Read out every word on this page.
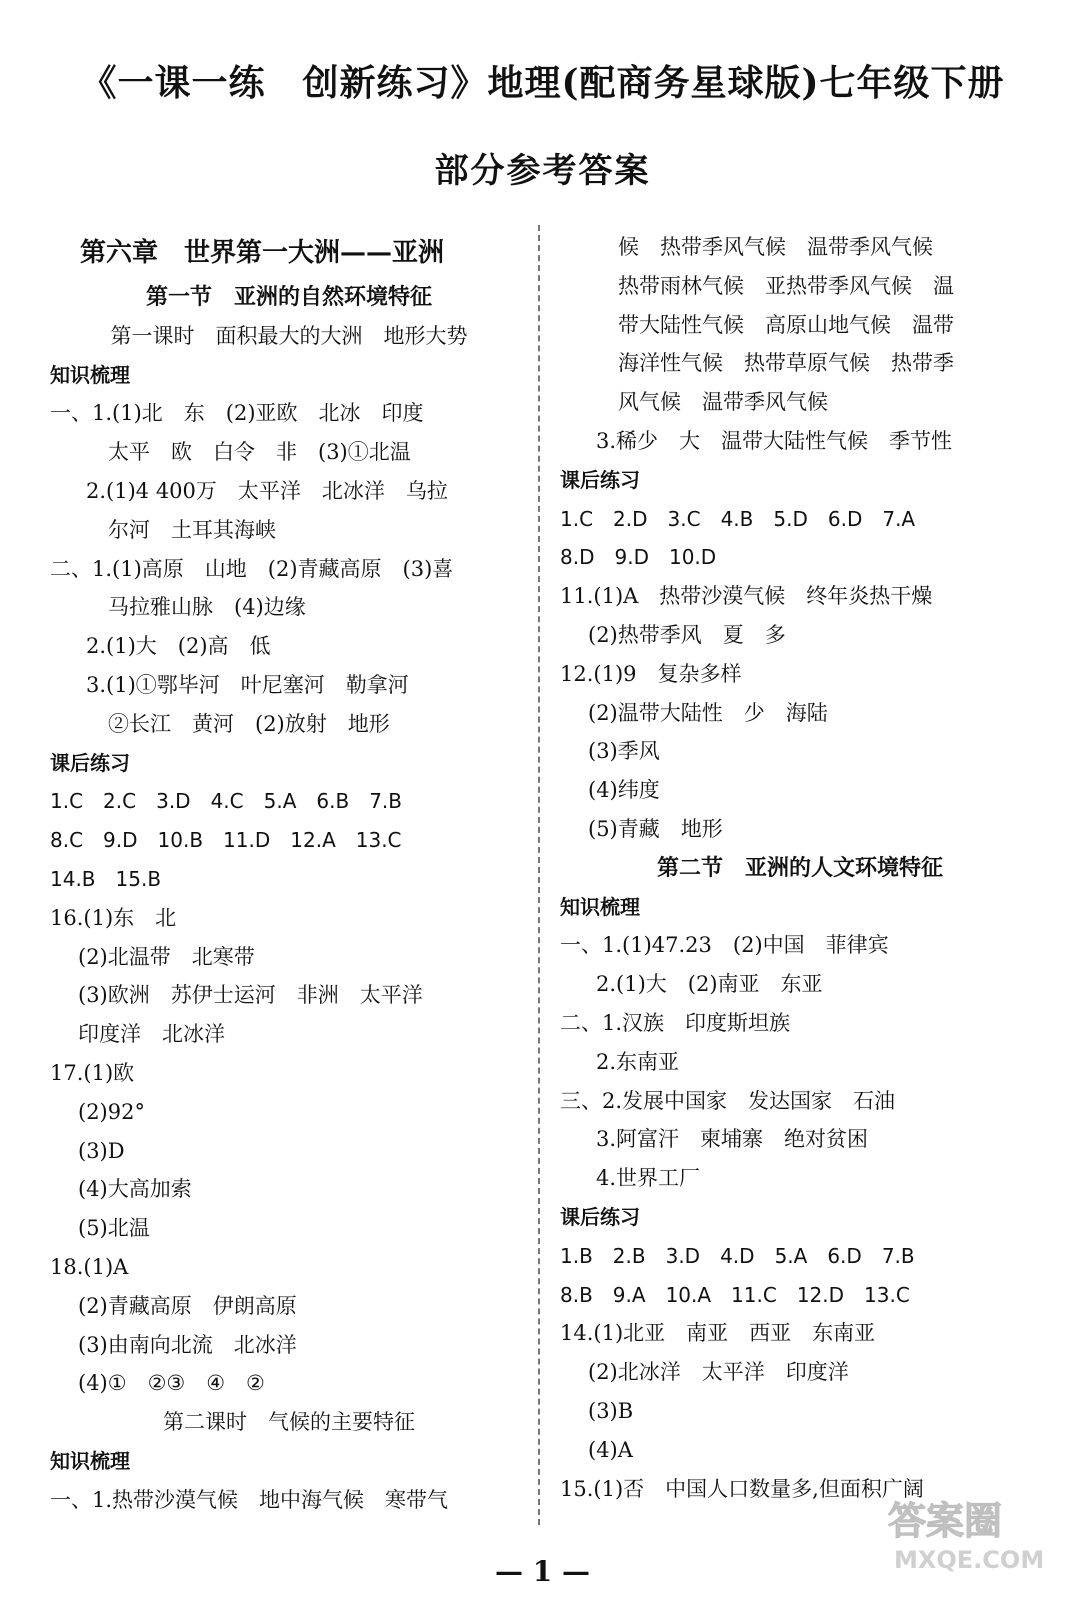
《一课一练　创新练习》地理(配商务星球版)七年级下册
部分参考答案
第六章　世界第一大洲——亚洲
第一节　亚洲的自然环境特征
第一课时　面积最大的大洲　地形大势
知识梳理
一、1.(1)北　东　(2)亚欧　北冰　印度
太平　欧　白令　非　(3)①北温
2.(1)4 400万　太平洋　北冰洋　乌拉
尔河　土耳其海峡
二、1.(1)高原　山地　(2)青藏高原　(3)喜
马拉雅山脉　(4)边缘
2.(1)大　(2)高　低
3.(1)①鄂毕河　叶尼塞河　勒拿河
②长江　黄河　(2)放射　地形
课后练习
1.C　2.C　3.D　4.C　5.A　6.B　7.B
8.C　9.D　10.B　11.D　12.A　13.C
14.B　15.B
16.(1)东　北
(2)北温带　北寒带
(3)欧洲　苏伊士运河　非洲　太平洋
印度洋　北冰洋
17.(1)欧
(2)92°
(3)D
(4)大高加索
(5)北温
18.(1)A
(2)青藏高原　伊朗高原
(3)由南向北流　北冰洋
(4)①　②③　④　②
第二课时　气候的主要特征
知识梳理
一、1.热带沙漠气候　地中海气候　寒带气
候　热带季风气候　温带季风气候
热带雨林气候　亚热带季风气候　温
带大陆性气候　高原山地气候　温带
海洋性气候　热带草原气候　热带季
风气候　温带季风气候
3.稀少　大　温带大陆性气候　季节性
课后练习
1.C　2.D　3.C　4.B　5.D　6.D　7.A
8.D　9.D　10.D
11.(1)A　热带沙漠气候　终年炎热干燥
(2)热带季风　夏　多
12.(1)9　复杂多样
(2)温带大陆性　少　海陆
(3)季风
(4)纬度
(5)青藏　地形
第二节　亚洲的人文环境特征
知识梳理
一、1.(1)47.23　(2)中国　菲律宾
2.(1)大　(2)南亚　东亚
二、1.汉族　印度斯坦族
2.东南亚
三、2.发展中国家　发达国家　石油
3.阿富汗　柬埔寨　绝对贫困
4.世界工厂
课后练习
1.B　2.B　3.D　4.D　5.A　6.D　7.B
8.B　9.A　10.A　11.C　12.D　13.C
14.(1)北亚　南亚　西亚　东南亚
(2)北冰洋　太平洋　印度洋
(3)B
(4)A
15.(1)否　中国人口数量多,但面积广阔
— 1 —
答案圈
MXQE.COM
